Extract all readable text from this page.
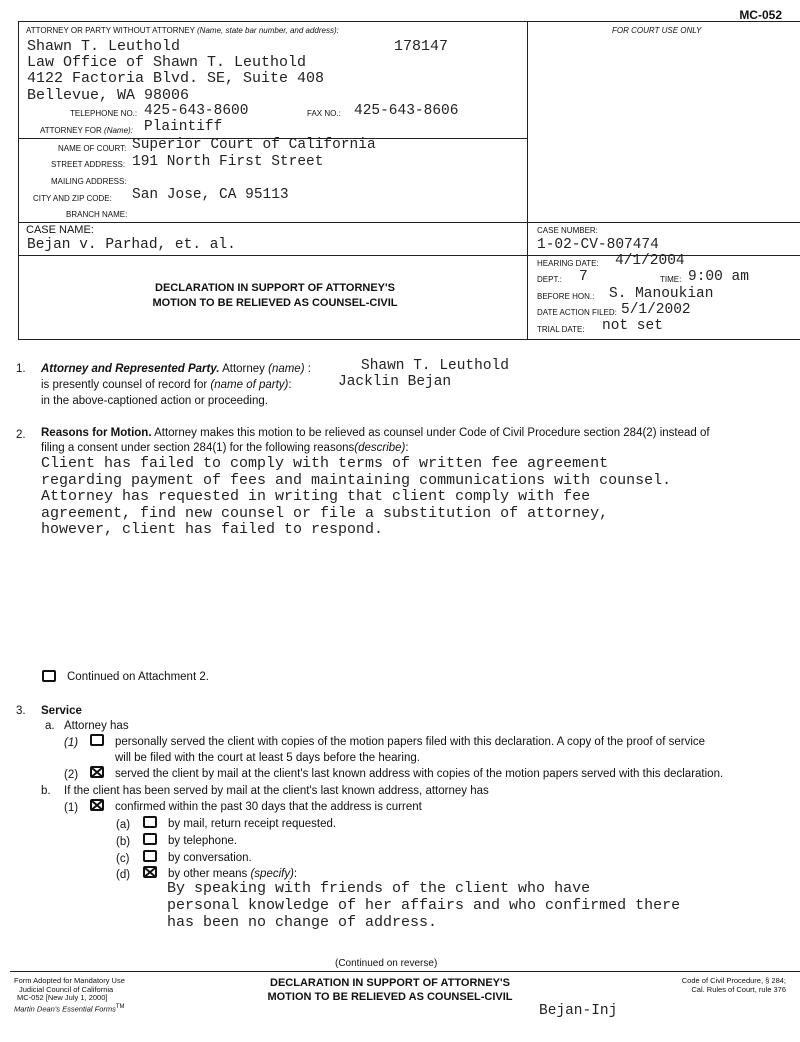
MC-052
ATTORNEY OR PARTY WITHOUT ATTORNEY (Name, state bar number, and address):	FOR COURT USE ONLY
Shawn T. Leuthold	178147
Law Office of Shawn T. Leuthold
4122 Factoria Blvd. SE, Suite 408
Bellevue, WA 98006
TELEPHONE NO.: 425-643-8600	FAX NO.: 425-643-8606
ATTORNEY FOR (Name): Plaintiff
NAME OF COURT: Superior Court of California
STREET ADDRESS: 191 North First Street
MAILING ADDRESS:
CITY AND ZIP CODE: San Jose, CA 95113
BRANCH NAME:
CASE NAME:
Bejan v. Parhad, et. al.
CASE NUMBER:
1-02-CV-807474
DECLARATION IN SUPPORT OF ATTORNEY'S
MOTION TO BE RELIEVED AS COUNSEL-CIVIL
HEARING DATE: 4/1/2004
DEPT.: 7	TIME: 9:00 am
BEFORE HON.: S. Manoukian
DATE ACTION FILED: 5/1/2002
TRIAL DATE: not set
1. Attorney and Represented Party. Attorney (name) :	Shawn T. Leuthold
is presently counsel of record for (name of party):	Jacklin Bejan
in the above-captioned action or proceeding.
2. Reasons for Motion. Attorney makes this motion to be relieved as counsel under Code of Civil Procedure section 284(2) instead of
filing a consent under section 284(1) for the following reasons(describe):
Client has failed to comply with terms of written fee agreement
regarding payment of fees and maintaining communications with counsel.
Attorney has requested in writing that client comply with fee
agreement, find new counsel or file a substitution of attorney,
however, client has failed to respond.
Continued on Attachment 2.
3. Service
a. Attorney has
(1)	personally served the client with copies of the motion papers filed with this declaration. A copy of the proof of service
will be filed with the court at least 5 days before the hearing.
(2)	served the client by mail at the client's last known address with copies of the motion papers served with this declaration.
b. If the client has been served by mail at the client's last known address, attorney has
(1)	confirmed within the past 30 days that the address is current
(a)	by mail, return receipt requested.
(b)	by telephone.
(c)	by conversation.
(d)	by other means (specify):
By speaking with friends of the client who have
personal knowledge of her affairs and who confirmed there
has been no change of address.
(Continued on reverse)
Form Adopted for Mandatory Use
Judicial Council of California
MC-052 [New July 1, 2000]
Martin Dean's Essential Forms™
DECLARATION IN SUPPORT OF ATTORNEY'S
MOTION TO BE RELIEVED AS COUNSEL-CIVIL
Code of Civil Procedure, § 284;
Cal. Rules of Court, rule 376
Bejan-Inj
